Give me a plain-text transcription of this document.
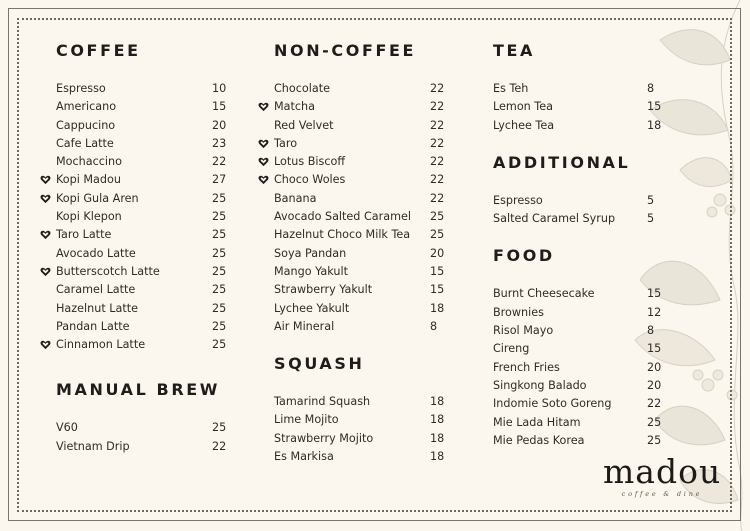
COFFEE
Espresso	10
Americano	15
Cappucino	20
Cafe Latte	23
Mochaccino	22
Kopi Madou	27
Kopi Gula Aren	25
Kopi Klepon	25
Taro Latte	25
Avocado Latte	25
Butterscotch Latte	25
Caramel Latte	25
Hazelnut Latte	25
Pandan Latte	25
Cinnamon Latte	25
MANUAL BREW
V60	25
Vietnam Drip	22
NON-COFFEE
Chocolate	22
Matcha	22
Red Velvet	22
Taro	22
Lotus Biscoff	22
Choco Woles	22
Banana	22
Avocado Salted Caramel 25
Hazelnut Choco Milk Tea 25
Soya Pandan	20
Mango Yakult	15
Strawberry Yakult	15
Lychee Yakult	18
Air Mineral	8
SQUASH
Tamarind Squash	18
Lime Mojito	18
Strawberry Mojito	18
Es Markisa	18
TEA
Es Teh	8
Lemon Tea	15
Lychee Tea	18
ADDITIONAL
Espresso	5
Salted Caramel Syrup	5
FOOD
Burnt Cheesecake	15
Brownies	12
Risol Mayo	8
Cireng	15
French Fries	20
Singkong Balado	20
Indomie Soto Goreng	22
Mie Lada Hitam	25
Mie Pedas Korea	25
madou
coffee & dine
